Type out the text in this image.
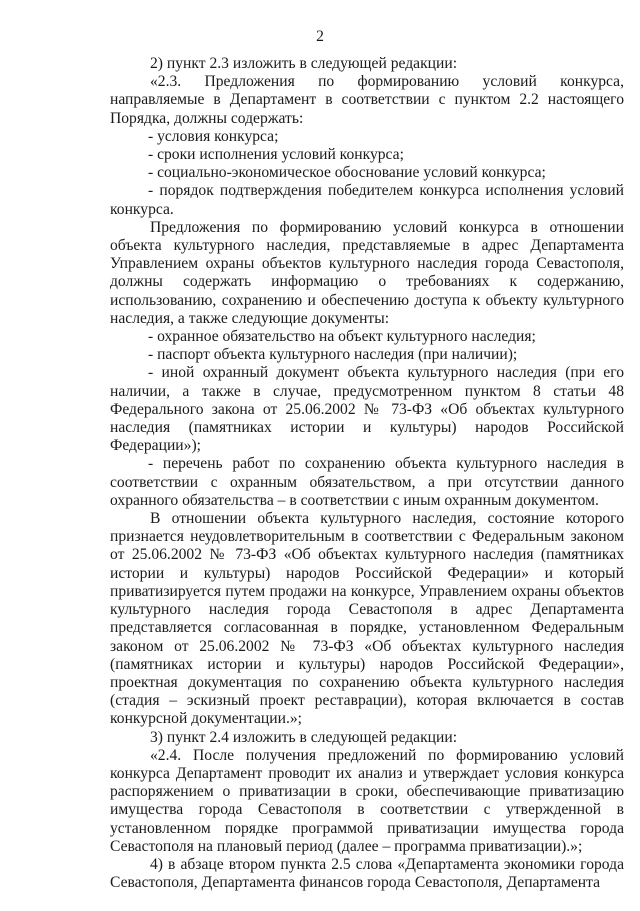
2

2) пункт 2.3 изложить в следующей редакции:

«2.3. Предложения по формированию условий конкурса, направляемые в Департамент в соответствии с пунктом 2.2 настоящего Порядка, должны содержать:

- условия конкурса;

- сроки исполнения условий конкурса;

- социально-экономическое обоснование условий конкурса;

- порядок подтверждения победителем конкурса исполнения условий конкурса.

Предложения по формированию условий конкурса в отношении объекта культурного наследия, представляемые в адрес Департамента Управлением охраны объектов культурного наследия города Севастополя, должны содержать информацию о требованиях к содержанию, использованию, сохранению и обеспечению доступа к объекту культурного наследия, а также следующие документы:

- охранное обязательство на объект культурного наследия;

- паспорт объекта культурного наследия (при наличии);

- иной охранный документ объекта культурного наследия (при его наличии, а также в случае, предусмотренном пунктом 8 статьи 48 Федерального закона от 25.06.2002 № 73-ФЗ «Об объектах культурного наследия (памятниках истории и культуры) народов Российской Федерации»);

- перечень работ по сохранению объекта культурного наследия в соответствии с охранным обязательством, а при отсутствии данного охранного обязательства – в соответствии с иным охранным документом.

В отношении объекта культурного наследия, состояние которого признается неудовлетворительным в соответствии с Федеральным законом от 25.06.2002 № 73-ФЗ «Об объектах культурного наследия (памятниках истории и культуры) народов Российской Федерации» и который приватизируется путем продажи на конкурсе, Управлением охраны объектов культурного наследия города Севастополя в адрес Департамента представляется согласованная в порядке, установленном Федеральным законом от 25.06.2002 № 73-ФЗ «Об объектах культурного наследия (памятниках истории и культуры) народов Российской Федерации», проектная документация по сохранению объекта культурного наследия (стадия – эскизный проект реставрации), которая включается в состав конкурсной документации.»;

3) пункт 2.4 изложить в следующей редакции:

«2.4. После получения предложений по формированию условий конкурса Департамент проводит их анализ и утверждает условия конкурса распоряжением о приватизации в сроки, обеспечивающие приватизацию имущества города Севастополя в соответствии с утвержденной в установленном порядке программой приватизации имущества города Севастополя на плановый период (далее – программа приватизации).»;

4) в абзаце втором пункта 2.5 слова «Департамента экономики города Севастополя, Департамента финансов города Севастополя, Департамента
